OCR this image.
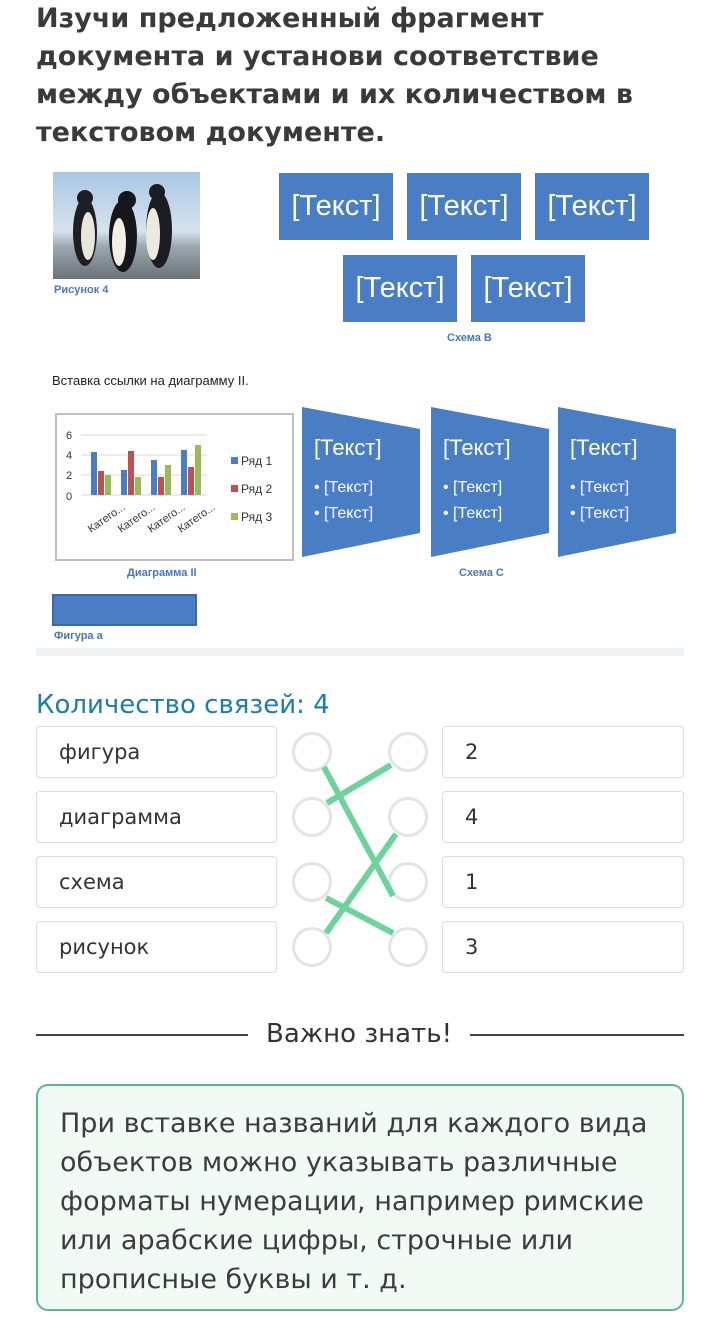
Изучи предложенный фрагмент документа и установи соответствие между объектами и их количеством в текстовом документе.
Рисунок 4
[Текст]	[Текст]	[Текст]
[Текст]	[Текст]
Схема В
Вставка ссылки на диаграмму II.
6
4
2
0
Катего...
Катего...
Катего...
Катего...
Ряд 1
Ряд 2
Ряд 3
Диаграмма II
[Текст]
• [Текст]
• [Текст]
[Текст]
• [Текст]
• [Текст]
[Текст]
• [Текст]
• [Текст]
Схема С
Фигура а
Количество связей: 4
фигура
диаграмма
схема
рисунок
2
4
1
3
Важно знать!
При вставке названий для каждого вида объектов можно указывать различные форматы нумерации, например римские или арабские цифры, строчные или прописные буквы и т. д.
